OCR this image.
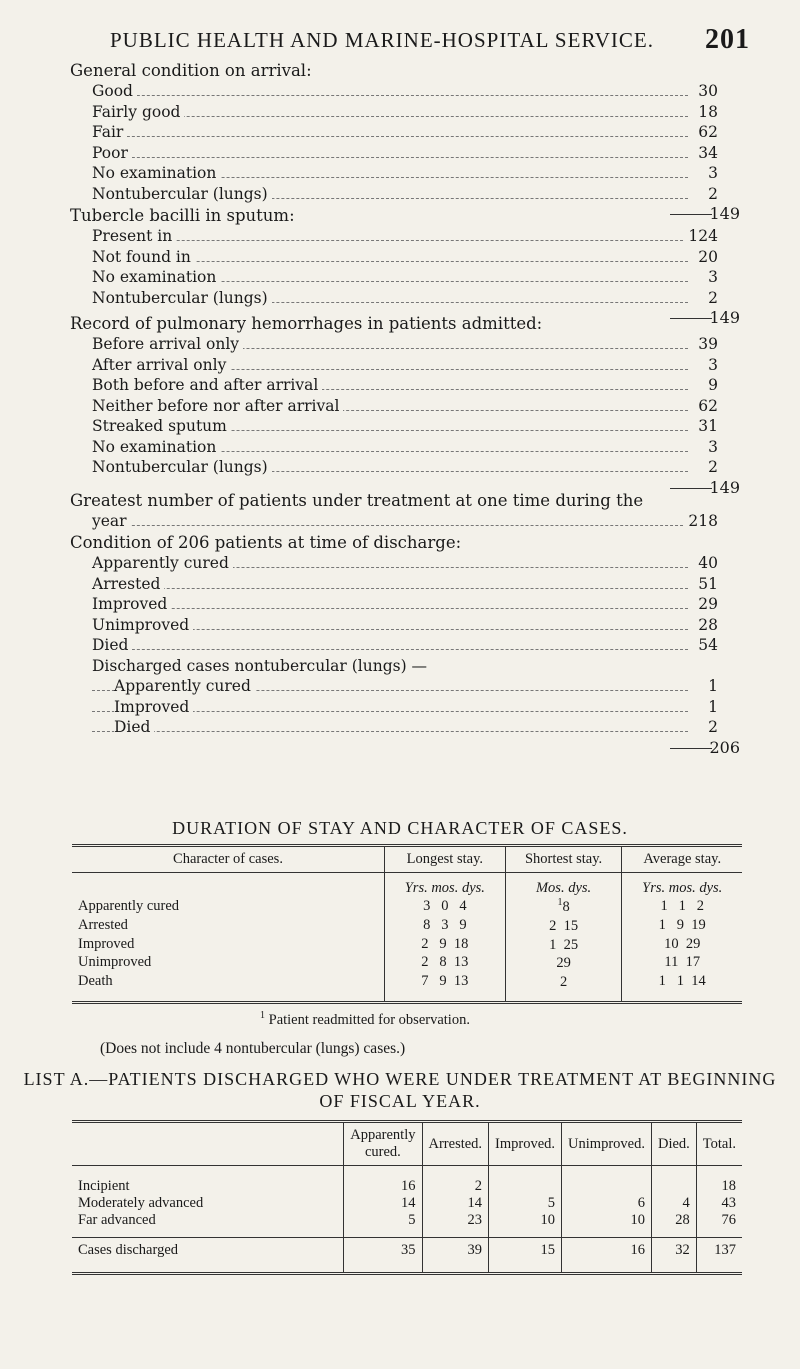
PUBLIC HEALTH AND MARINE-HOSPITAL SERVICE. 201
General condition on arrival:
Good	30
Fairly good	18
Fair	62
Poor	34
No examination	3
Nontubercular (lungs)	2
149
Tubercle bacilli in sputum:
Present in	124
Not found in	20
No examination	3
Nontubercular (lungs)	2
149
Record of pulmonary hemorrhages in patients admitted:
Before arrival only	39
After arrival only	3
Both before and after arrival	9
Neither before nor after arrival	62
Streaked sputum	31
No examination	3
Nontubercular (lungs)	2
149
Greatest number of patients under treatment at one time during the
year	218
Condition of 206 patients at time of discharge:
Apparently cured	40
Arrested	51
Improved	29
Unimproved	28
Died	54
Discharged cases nontubercular (lungs) —
Apparently cured	1
Improved	1
Died	2
206
DURATION OF STAY AND CHARACTER OF CASES.
Character of cases.	Longest stay.	Shortest stay.	Average stay.
	Yrs. mos. dys.	Mos. dys.	Yrs. mos. dys.
Apparently cured	3   0   4	$^1$8	1   1   2
Arrested	8   3   9	2  15	1   9  19
Improved	2   9  18	1  25	10  29
Unimproved	2   8  13	29	11  17
Death	7   9  13	2	1   1  14

$^1$ Patient readmitted for observation.
(Does not include 4 nontubercular (lungs) cases.)
LIST A.—PATIENTS DISCHARGED WHO WERE UNDER TREATMENT AT BEGINNING
OF FISCAL YEAR.
	Apparently cured.	Arrested.	Improved.	Unimproved.	Died.	Total.

Incipient	16	2				18
Moderately advanced	14	14	5	6	4	43
Far advanced	5	23	10	10	28	76

Cases discharged	35	39	15	16	32	137
